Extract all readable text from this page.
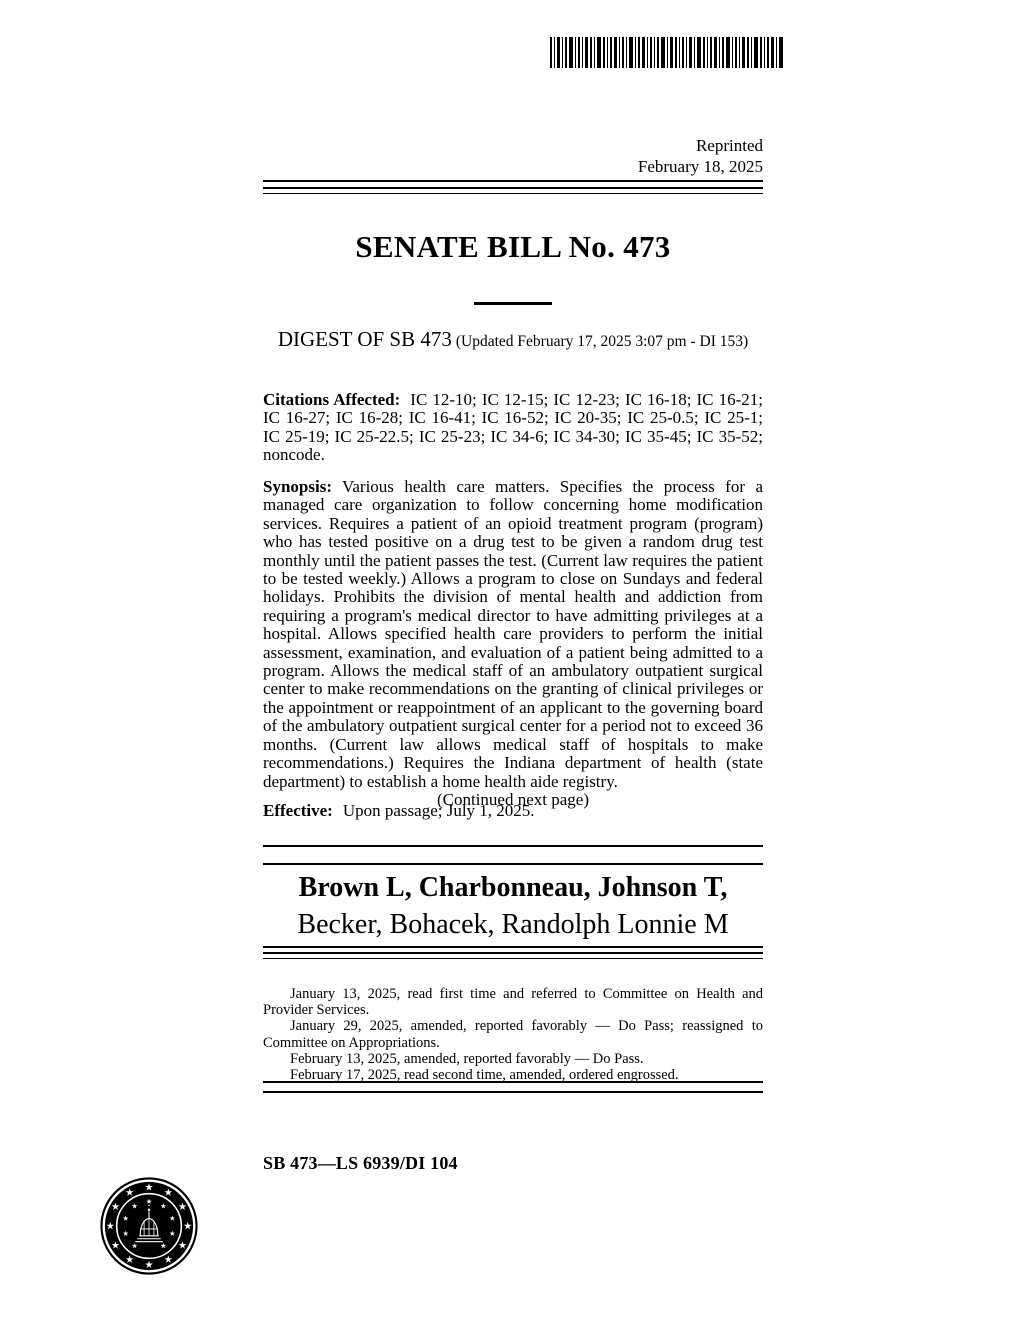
Reprinted
February 18, 2025
SENATE BILL No. 473
DIGEST OF SB 473 (Updated February 17, 2025 3:07 pm - DI 153)
Citations Affected: IC 12-10; IC 12-15; IC 12-23; IC 16-18; IC 16-21; IC 16-27; IC 16-28; IC 16-41; IC 16-52; IC 20-35; IC 25-0.5; IC 25-1; IC 25-19; IC 25-22.5; IC 25-23; IC 34-6; IC 34-30; IC 35-45; IC 35-52; noncode.
Synopsis: Various health care matters. Specifies the process for a managed care organization to follow concerning home modification services. Requires a patient of an opioid treatment program (program) who has tested positive on a drug test to be given a random drug test monthly until the patient passes the test. (Current law requires the patient to be tested weekly.) Allows a program to close on Sundays and federal holidays. Prohibits the division of mental health and addiction from requiring a program's medical director to have admitting privileges at a hospital. Allows specified health care providers to perform the initial assessment, examination, and evaluation of a patient being admitted to a program. Allows the medical staff of an ambulatory outpatient surgical center to make recommendations on the granting of clinical privileges or the appointment or reappointment of an applicant to the governing board of the ambulatory outpatient surgical center for a period not to exceed 36 months. (Current law allows medical staff of hospitals to make recommendations.) Requires the Indiana department of health (state department) to establish a home health aide registry.
(Continued next page)
Effective: Upon passage; July 1, 2025.
Brown L, Charbonneau, Johnson T,
Becker, Bohacek, Randolph Lonnie M

January 13, 2025, read first time and referred to Committee on Health and Provider Services.

January 29, 2025, amended, reported favorably — Do Pass; reassigned to Committee on Appropriations.

February 13, 2025, amended, reported favorably — Do Pass.

February 17, 2025, read second time, amended, ordered engrossed.

SB 473—LS 6939/DI 104
